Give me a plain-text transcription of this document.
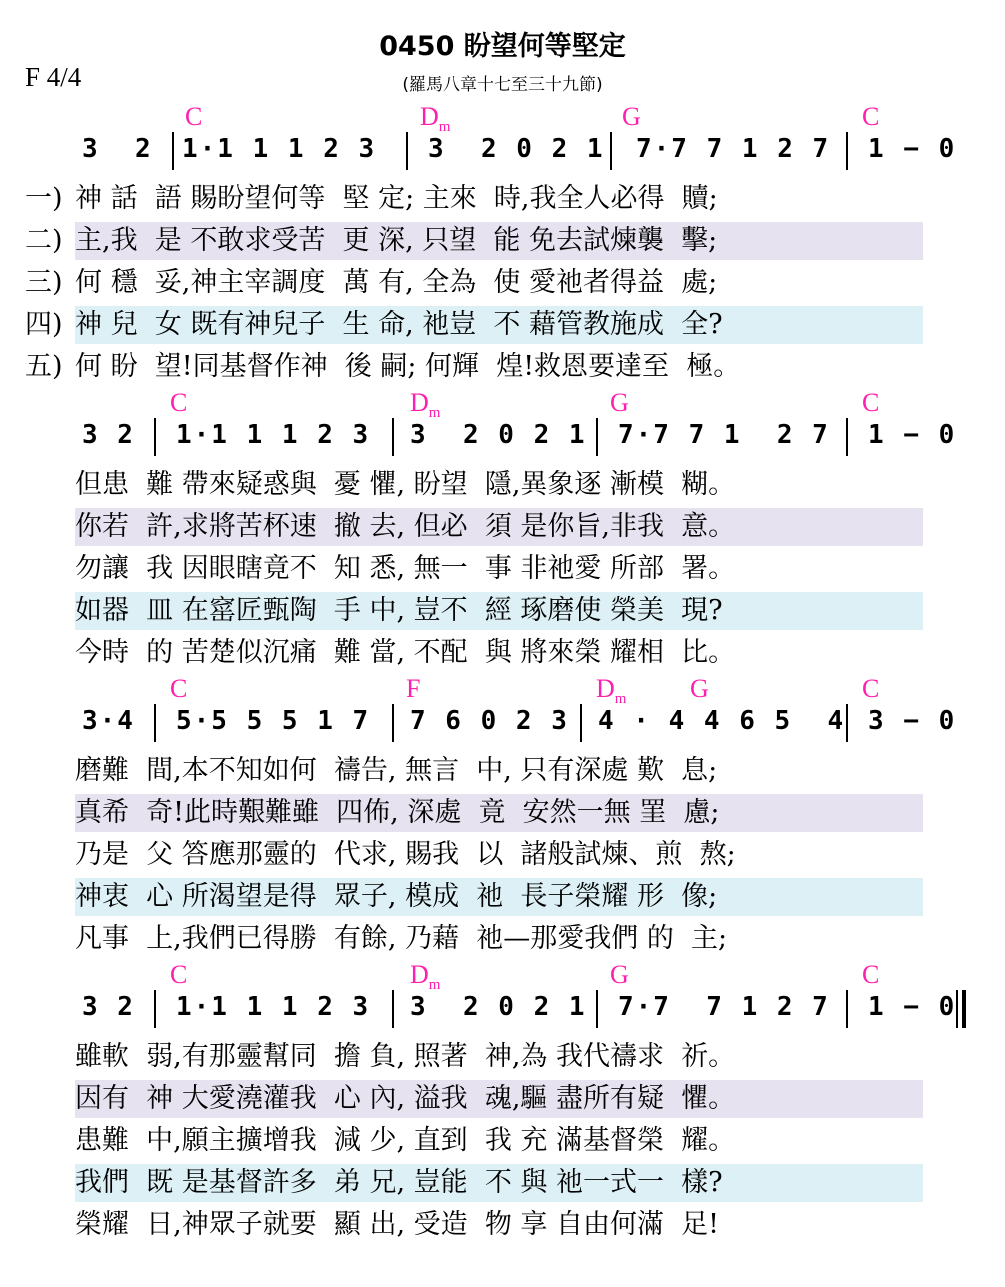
0450 盼望何等堅定
F 4/4	(羅馬八章十七至三十九節)
C	$D_m$	G	C
3  2 1·1 1 1 2 3 3  2 0 2 1 7·7 7 1 2 7 1 − 0
一) 神 話  語 賜盼望何等  堅 定; 主來  時,我全人必得  贖;
二) 主,我  是 不敢求受苦  更 深, 只望  能 免去試煉襲  擊;
三) 何 穩  妥,神主宰調度  萬 有, 全為  使 愛祂者得益  處;
四) 神 兒  女 既有神兒子  生 命, 祂豈  不 藉管教施成  全?
五) 何 盼  望!同基督作神  後 嗣; 何輝  煌!救恩要達至  極。
C	$D_m$	G	C
3 2 1·1 1 1 2 3 3  2 0 2 1 7·7 7 1  2 7 1 − 0
但患  難 帶來疑惑與  憂 懼, 盼望  隱,異象逐 漸模  糊。
你若  許,求將苦杯速  撤 去, 但必  須 是你旨,非我  意。
勿讓  我 因眼瞎竟不  知 悉, 無一  事 非祂愛 所部  署。
如器  皿 在窰匠甄陶  手 中, 豈不  經 琢磨使 榮美  現?
今時  的 苦楚似沉痛  難 當, 不配  與 將來榮 耀相  比。
C	F	$D_m$ G	C
3·4 5·5 5 5 1 7 7 6 0 2 3 4 · 4 4 6 5  4 3 − 0
磨難  間,本不知如何  禱告, 無言  中, 只有深處 歎  息;
真希  奇!此時艱難雖  四佈, 深處  竟  安然一無 罣  慮;
乃是  父 答應那靈的  代求, 賜我  以  諸般試煉、煎  熬;
神衷  心 所渴望是得  眾子, 模成  祂  長子榮耀 形  像;
凡事  上,我們已得勝  有餘, 乃藉  祂—那愛我們 的  主;
C	$D_m$	G	C
3 2 1·1 1 1 2 3 3  2 0 2 1 7·7  7 1 2 7 1 − 0
雖軟  弱,有那靈幫同  擔 負, 照著  神,為 我代禱求  祈。
因有  神 大愛澆灌我  心 內, 溢我  魂,驅 盡所有疑  懼。
患難  中,願主擴增我  減 少, 直到  我 充 滿基督榮  耀。
我們  既 是基督許多  弟 兄, 豈能  不 與 祂一式一  樣?
榮耀  日,神眾子就要  顯 出, 受造  物 享 自由何滿  足!
